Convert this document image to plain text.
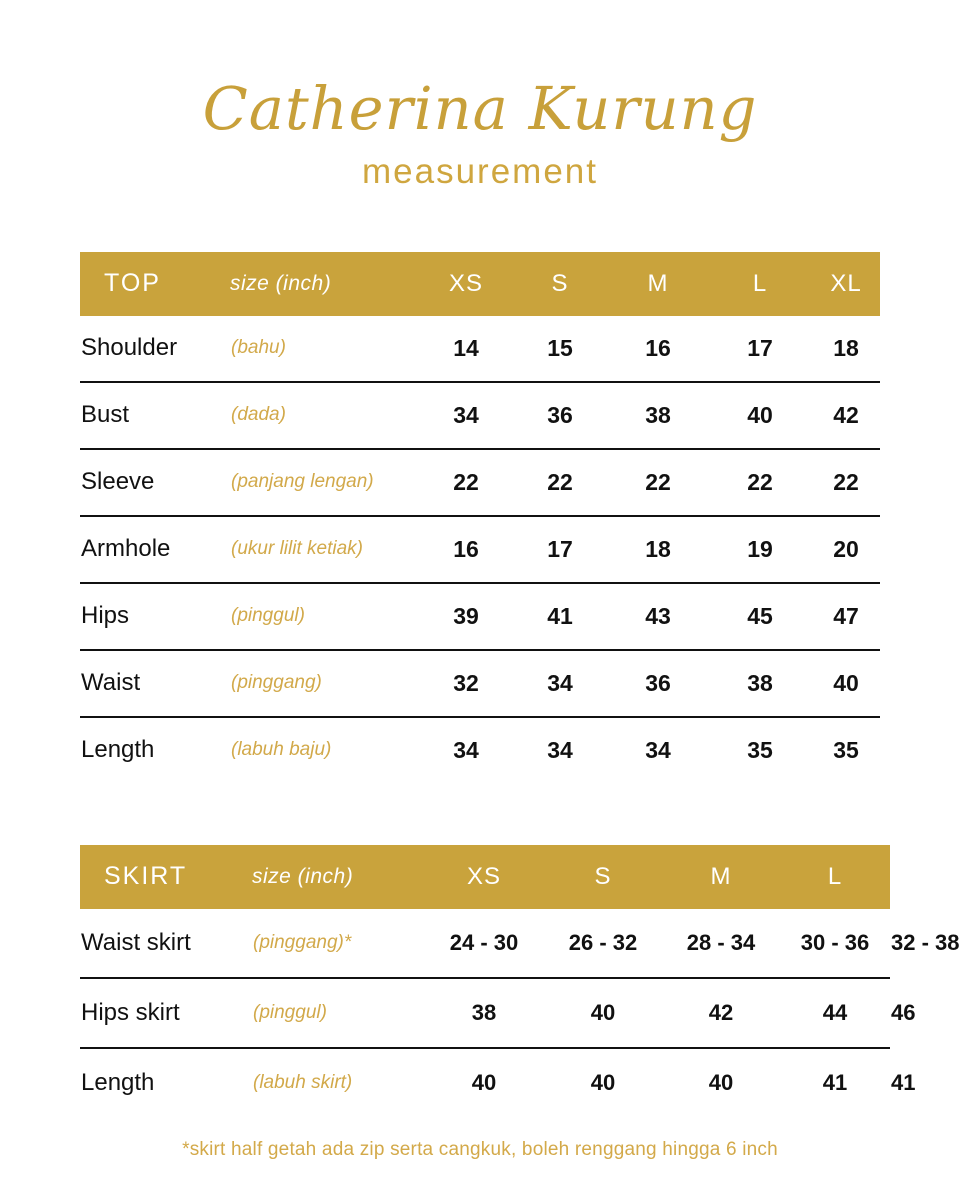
Catherina Kurung
measurement
TOP	size (inch)	XS	S	M	L	XL
Shoulder	(bahu)	14	15	16	17	18
Bust	(dada)	34	36	38	40	42
Sleeve	(panjang lengan)	22	22	22	22	22
Armhole	(ukur lilit ketiak)	16	17	18	19	20
Hips	(pinggul)	39	41	43	45	47
Waist	(pinggang)	32	34	36	38	40
Length	(labuh baju)	34	34	34	35	35
SKIRT	size (inch)	XS	S	M	L	XL
Waist skirt	(pinggang)*	24 - 30	26 - 32	28 - 34	30 - 36	32 - 38
Hips skirt	(pinggul)	38	40	42	44	46
Length	(labuh skirt)	40	40	40	41	41
*skirt half getah ada zip serta cangkuk, boleh renggang hingga 6 inch
